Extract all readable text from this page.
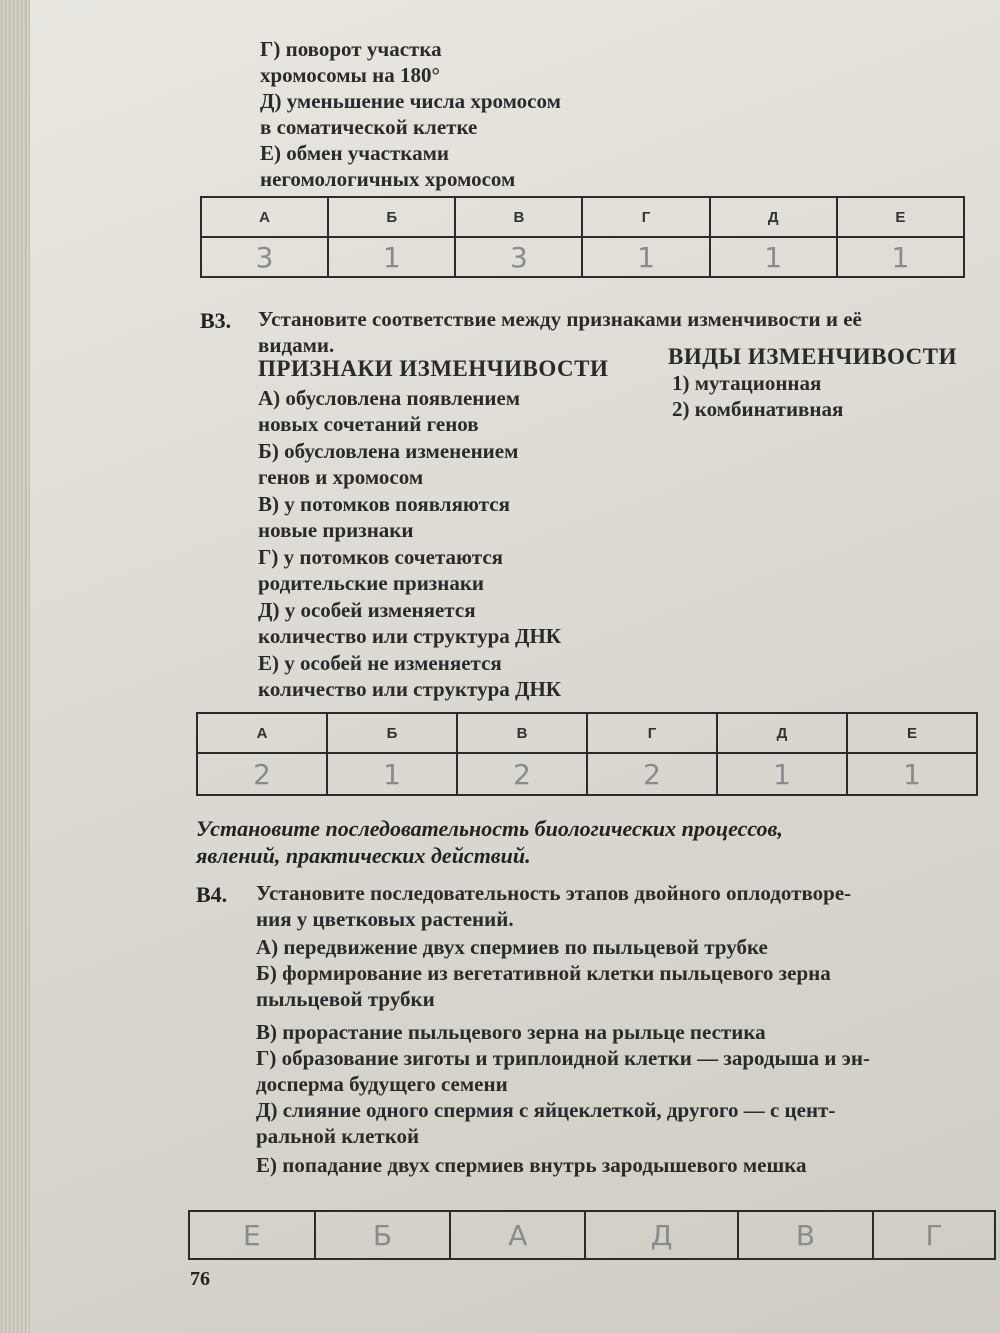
Г) поворот участка
хромосомы на 180°
Д) уменьшение числа хромосом
в соматической клетке
Е) обмен участками
негомологичных хромосом
А	Б	В	Г	Д	Е
3	1	3	1	1	1
В3. Установите соответствие между признаками изменчивости и её
видами.
ПРИЗНАКИ ИЗМЕНЧИВОСТИ	ВИДЫ ИЗМЕНЧИВОСТИ
1) мутационная
2) комбинативная
А) обусловлена появлением
новых сочетаний генов
Б) обусловлена изменением
генов и хромосом
В) у потомков появляются
новые признаки
Г) у потомков сочетаются
родительские признаки
Д) у особей изменяется
количество или структура ДНК
Е) у особей не изменяется
количество или структура ДНК
А	Б	В	Г	Д	Е
2	1	2	2	1	1
Установите последовательность биологических процессов,
явлений, практических действий.
В4. Установите последовательность этапов двойного оплодотворе-
ния у цветковых растений.
А) передвижение двух спермиев по пыльцевой трубке
Б) формирование из вегетативной клетки пыльцевого зерна
пыльцевой трубки
В) прорастание пыльцевого зерна на рыльце пестика
Г) образование зиготы и триплоидной клетки — зародыша и эн-
досперма будущего семени
Д) слияние одного спермия с яйцеклеткой, другого — с цент-
ральной клеткой
Е) попадание двух спермиев внутрь зародышевого мешка
Е	Б	А	Д	В	Г
76
